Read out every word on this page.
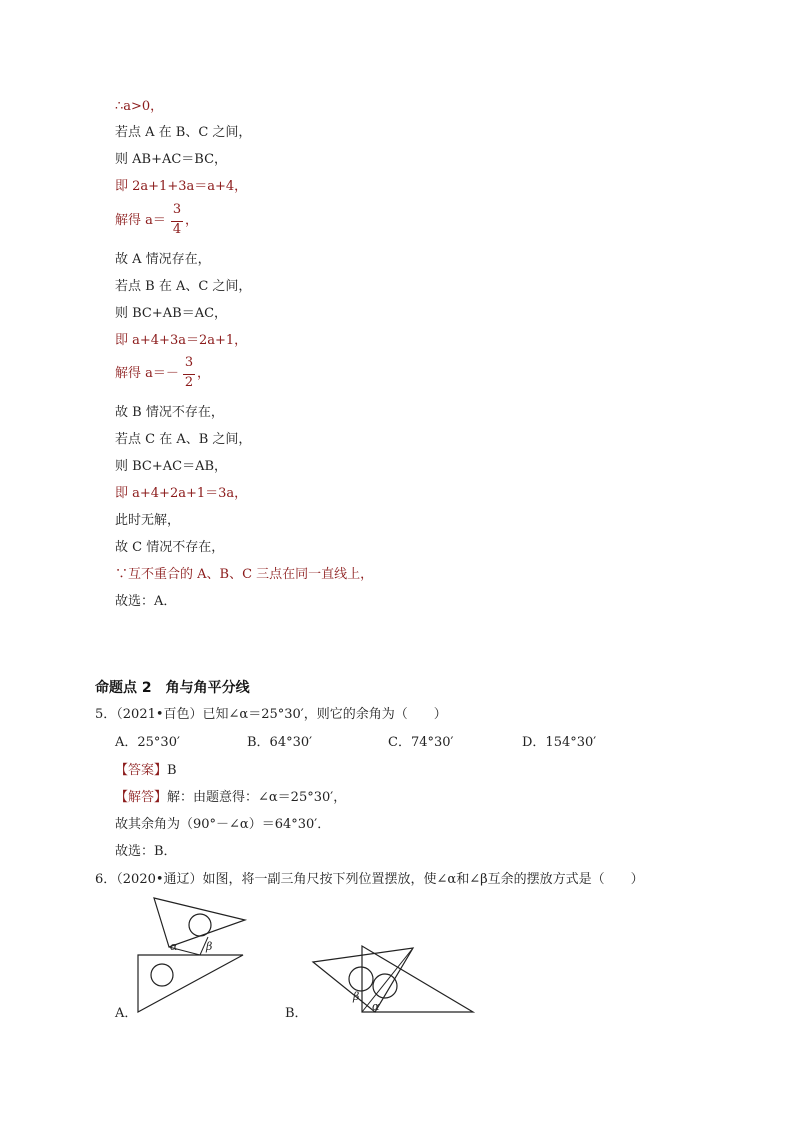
∴a>0，
若点 A 在 B、C 之间，
则 AB+AC＝BC，
即 2a+1+3a＝a+4，
故 A 情况存在，
若点 B 在 A、C 之间，
则 BC+AB＝AC，
即 a+4+3a＝2a+1，
故 B 情况不存在，
若点 C 在 A、B 之间，
则 BC+AC＝AB，
即 a+4+2a+1＝3a，
此时无解，
故 C 情况不存在，
∵互不重合的 A、B、C 三点在同一直线上，
故选：A．
解得 a＝
3
4
，
解得 a＝－
3
2
，
命题点 2　角与角平分线
5．（2021•百色）已知∠α＝25°30′，则它的余角为（　　）
A．25°30′	B．64°30′	C．74°30′	D．154°30′
【答案】B
【解答】解：由题意得：∠α＝25°30′，
故其余角为（90°－∠α）＝64°30′．
故选：B．
6．（2020•通辽）如图，将一副三角尺按下列位置摆放，使∠α和∠β互余的摆放方式是（　　）
α	β
A．
β
α
B．
